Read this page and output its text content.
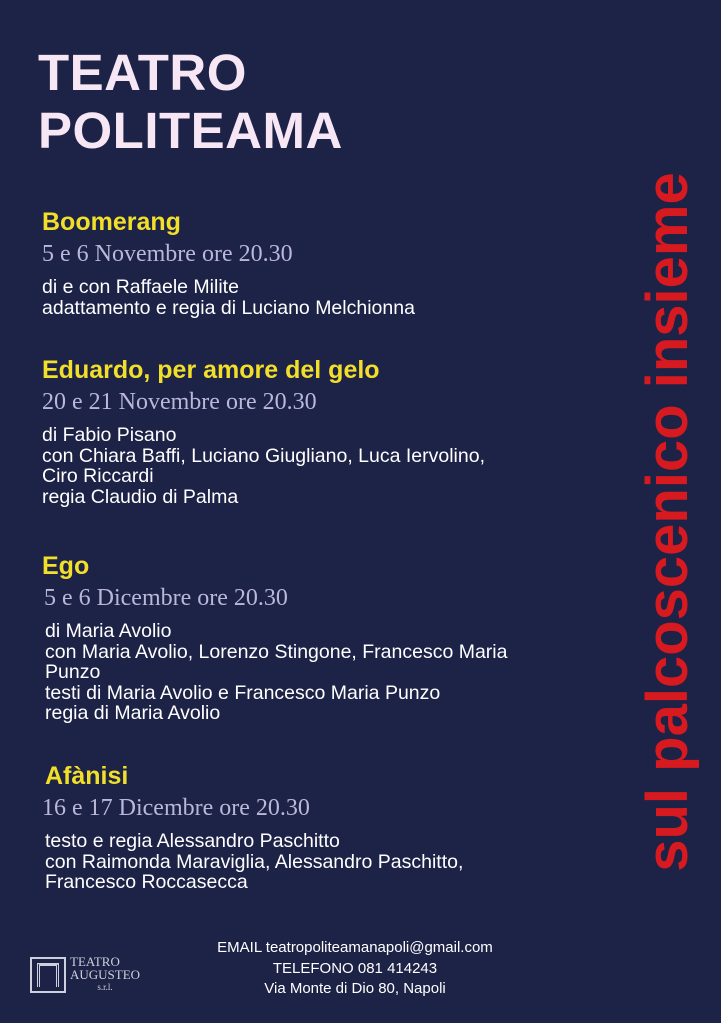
TEATRO
POLITEAMA
Boomerang
5 e 6 Novembre ore 20.30
di e con Raffaele Milite
adattamento e regia di Luciano Melchionna
Eduardo, per amore del gelo
20 e 21 Novembre ore 20.30
di Fabio Pisano
con Chiara Baffi, Luciano Giugliano, Luca Iervolino,
Ciro Riccardi
regia Claudio di Palma
Ego
5 e 6 Dicembre ore 20.30
di Maria Avolio
con Maria Avolio, Lorenzo Stingone, Francesco Maria
Punzo
testi di Maria Avolio e Francesco Maria Punzo
regia di Maria Avolio
Afànisi
16 e 17 Dicembre ore 20.30
testo e regia Alessandro Paschitto
con Raimonda Maraviglia, Alessandro Paschitto,
Francesco Roccasecca
sul palcoscenico insieme
TEATRO
AUGUSTEO
s.r.l.
EMAIL teatropoliteamanapoli@gmail.com
TELEFONO 081 414243
Via Monte di Dio 80, Napoli
